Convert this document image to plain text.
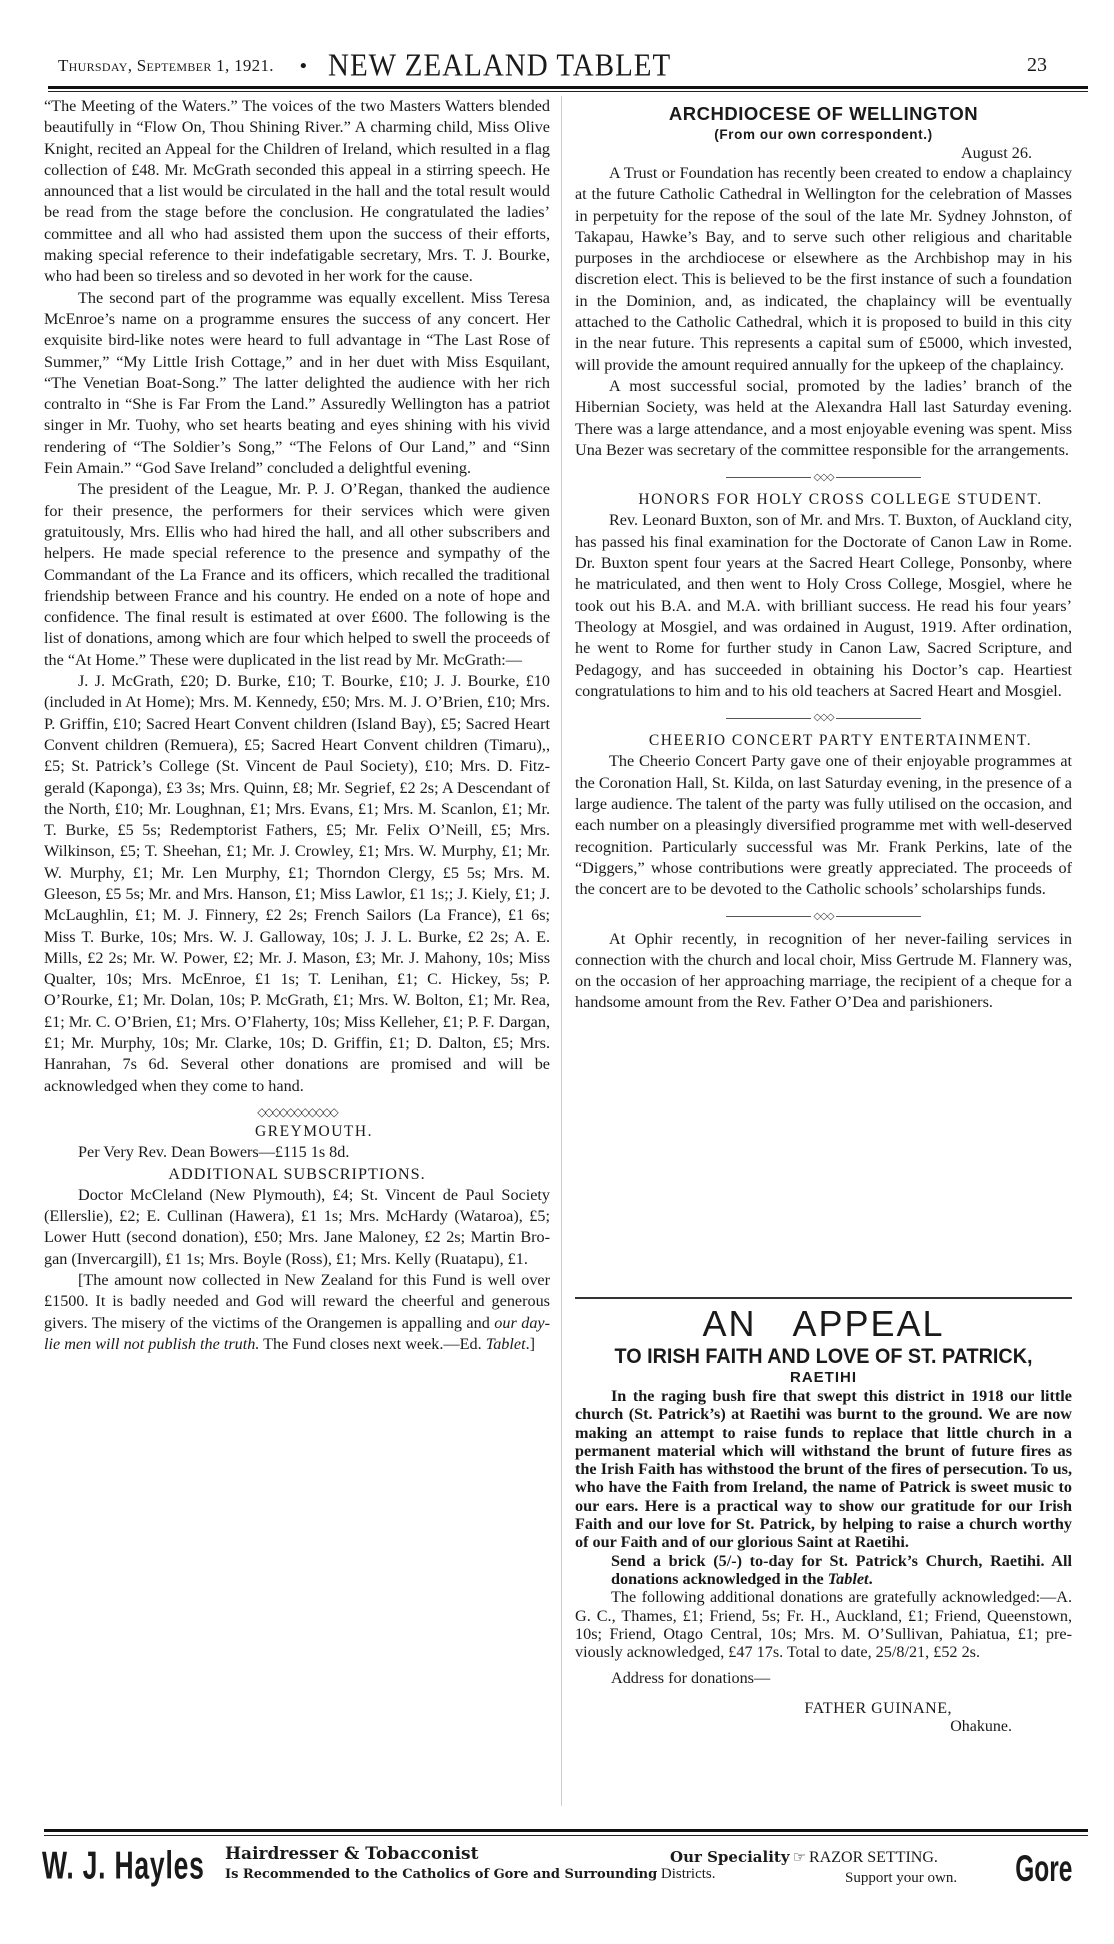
Thursday, September 1, 1921. • NEW ZEALAND TABLET	23

“The Meeting of the Waters.” The voices of the two Masters Watters blended beautifully in “Flow On, Thou Shining River.” A charming child, Miss Olive Knight, recited an Appeal for the Children of Ireland, which resulted in a flag collection of £48. Mr. McGrath seconded this appeal in a stirring speech. He announced that a list would be circulated in the hall and the total result would be read from the stage before the conclusion. He congratulated the ladies’ committee and all who had assisted them upon the success of their efforts, making special reference to their indefatigable secretary, Mrs. T. J. Bourke, who had been so tireless and so devoted in her work for the cause.

The second part of the programme was equally excellent. Miss Teresa McEnroe’s name on a programme ensures the success of any concert. Her exquisite bird-like notes were heard to full advantage in “The Last Rose of Summer,” “My Little Irish Cottage,” and in her duet with Miss Esquilant, “The Venetian Boat-Song.” The latter delighted the audience with her rich contralto in “She is Far From the Land.” Assuredly Wellington has a patriot singer in Mr. Tuohy, who set hearts beating and eyes shining with his vivid rendering of “The Soldier’s Song,” “The Felons of Our Land,” and “Sinn Fein Amain.” “God Save Ireland” concluded a delightful evening.

The president of the League, Mr. P. J. O’Regan, thanked the audience for their presence, the performers for their services which were given gratuitously, Mrs. Ellis who had hired the hall, and all other subscribers and helpers. He made special reference to the presence and sympathy of the Commandant of the La France and its officers, which recalled the traditional friendship between France and his country. He ended on a note of hope and confidence. The final result is estimated at over £600. The following is the list of donations, among which are four which helped to swell the proceeds of the “At Home.” These were duplicated in the list read by Mr. McGrath:—

J. J. McGrath, £20; D. Burke, £10; T. Bourke, £10; J. J. Bourke, £10 (included in At Home); Mrs. M. Kennedy, £50; Mrs. M. J. O’Brien, £10; Mrs. P. Griffin, £10; Sacred Heart Convent children (Island Bay), £5; Sacred Heart Convent children (Remuera), £5; Sacred Heart Convent children (Timaru),, £5; St. Patrick’s College (St. Vincent de Paul Society), £10; Mrs. D. Fitzgerald (Kaponga), £3 3s; Mrs. Quinn, £8; Mr. Segrief, £2 2s; A Descendant of the North, £10; Mr. Loughnan, £1; Mrs. Evans, £1; Mrs. M. Scanlon, £1; Mr. T. Burke, £5 5s; Redemptorist Fathers, £5; Mr. Felix O’Neill, £5; Mrs. Wilkinson, £5; T. Sheehan, £1; Mr. J. Crowley, £1; Mrs. W. Murphy, £1; Mr. W. Murphy, £1; Mr. Len Murphy, £1; Thorndon Clergy, £5 5s; Mrs. M. Gleeson, £5 5s; Mr. and Mrs. Hanson, £1; Miss Lawlor, £1 1s;; J. Kiely, £1; J. McLaughlin, £1; M. J. Finnery, £2 2s; French Sailors (La France), £1 6s; Miss T. Burke, 10s; Mrs. W. J. Galloway, 10s; J. J. L. Burke, £2 2s; A. E. Mills, £2 2s; Mr. W. Power, £2; Mr. J. Mason, £3; Mr. J. Mahony, 10s; Miss Qualter, 10s; Mrs. McEnroe, £1 1s; T. Lenihan, £1; C. Hickey, 5s; P. O’Rourke, £1; Mr. Dolan, 10s; P. McGrath, £1; Mrs. W. Bolton, £1; Mr. Rea, £1; Mr. C. O’Brien, £1; Mrs. O’Flaherty, 10s; Miss Kelleher, £1; P. F. Dargan, £1; Mr. Murphy, 10s; Mr. Clarke, 10s; D. Griffin, £1; D. Dalton, £5; Mrs. Hanrahan, 7s 6d. Several other donations are promised and will be acknowledged when they come to hand.

◇◇◇◇◇◇◇◇◇◇◇

GREYMOUTH.

Per Very Rev. Dean Bowers—£115 1s 8d.

ADDITIONAL SUBSCRIPTIONS.

Doctor McCleland (New Plymouth), £4; St. Vincent de Paul Society (Ellerslie), £2; E. Cullinan (Hawera), £1 1s; Mrs. McHardy (Wataroa), £5; Lower Hutt (second donation), £50; Mrs. Jane Maloney, £2 2s; Martin Brogan (Invercargill), £1 1s; Mrs. Boyle (Ross), £1; Mrs. Kelly (Ruatapu), £1.

[The amount now collected in New Zealand for this Fund is well over £1500. It is badly needed and God will reward the cheerful and generous givers. The misery of the victims of the Orangemen is appalling and our daylie men will not publish the truth. The Fund closes next week.—Ed. Tablet.]

ARCHDIOCESE OF WELLINGTON
(From our own correspondent.)
August 26.

A Trust or Foundation has recently been created to endow a chaplaincy at the future Catholic Cathedral in Wellington for the celebration of Masses in perpetuity for the repose of the soul of the late Mr. Sydney Johnston, of Takapau, Hawke’s Bay, and to serve such other religious and charitable purposes in the archdiocese or elsewhere as the Archbishop may in his discretion elect. This is believed to be the first instance of such a foundation in the Dominion, and, as indicated, the chaplaincy will be eventually attached to the Catholic Cathedral, which it is proposed to build in this city in the near future. This represents a capital sum of £5000, which invested, will provide the amount required annually for the upkeep of the chaplaincy.

A most successful social, promoted by the ladies’ branch of the Hibernian Society, was held at the Alexandra Hall last Saturday evening. There was a large attendance, and a most enjoyable evening was spent. Miss Una Bezer was secretary of the committee responsible for the arrangements.

◇◇◇

HONORS FOR HOLY CROSS COLLEGE STUDENT.

Rev. Leonard Buxton, son of Mr. and Mrs. T. Buxton, of Auckland city, has passed his final examination for the Doctorate of Canon Law in Rome. Dr. Buxton spent four years at the Sacred Heart College, Ponsonby, where he matriculated, and then went to Holy Cross College, Mosgiel, where he took out his B.A. and M.A. with brilliant success. He read his four years’ Theology at Mosgiel, and was ordained in August, 1919. After ordination, he went to Rome for further study in Canon Law, Sacred Scripture, and Pedagogy, and has succeeded in obtaining his Doctor’s cap. Heartiest congratulations to him and to his old teachers at Sacred Heart and Mosgiel.

◇◇◇

CHEERIO CONCERT PARTY ENTERTAINMENT.

The Cheerio Concert Party gave one of their enjoyable programmes at the Coronation Hall, St. Kilda, on last Saturday evening, in the presence of a large audience. The talent of the party was fully utilised on the occasion, and each number on a pleasingly diversified programme met with well-deserved recognition. Particularly successful was Mr. Frank Perkins, late of the “Diggers,” whose contributions were greatly appreciated. The proceeds of the concert are to be devoted to the Catholic schools’ scholarships funds.

◇◇◇

At Ophir recently, in recognition of her never-failing services in connection with the church and local choir, Miss Gertrude M. Flannery was, on the occasion of her approaching marriage, the recipient of a cheque for a handsome amount from the Rev. Father O’Dea and parishioners.

AN APPEAL
TO IRISH FAITH AND LOVE OF ST. PATRICK,
RAETIHI

In the raging bush fire that swept this district in 1918 our little church (St. Patrick’s) at Raetihi was burnt to the ground. We are now making an attempt to raise funds to replace that little church in a permanent material which will withstand the brunt of future fires as the Irish Faith has withstood the brunt of the fires of persecution. To us, who have the Faith from Ireland, the name of Patrick is sweet music to our ears. Here is a practical way to show our gratitude for our Irish Faith and our love for St. Patrick, by helping to raise a church worthy of our Faith and of our glorious Saint at Raetihi.

Send a brick (5/-) to-day for St. Patrick’s Church, Raetihi. All donations acknowledged in the Tablet.

The following additional donations are gratefully acknowledged:—A. G. C., Thames, £1; Friend, 5s; Fr. H., Auckland, £1; Friend, Queenstown, 10s; Friend, Otago Central, 10s; Mrs. M. O’Sullivan, Pahiatua, £1; previously acknowledged, £47 17s. Total to date, 25/8/21, £52 2s.

Address for donations—

FATHER GUINANE,
Ohakune.
W. J. Hayles Hairdresser & Tobacconist
Is Recommended to the Catholics of Gore and Surrounding Districts.
Our Speciality ☞ RAZOR SETTING.
Support your own. Gore
